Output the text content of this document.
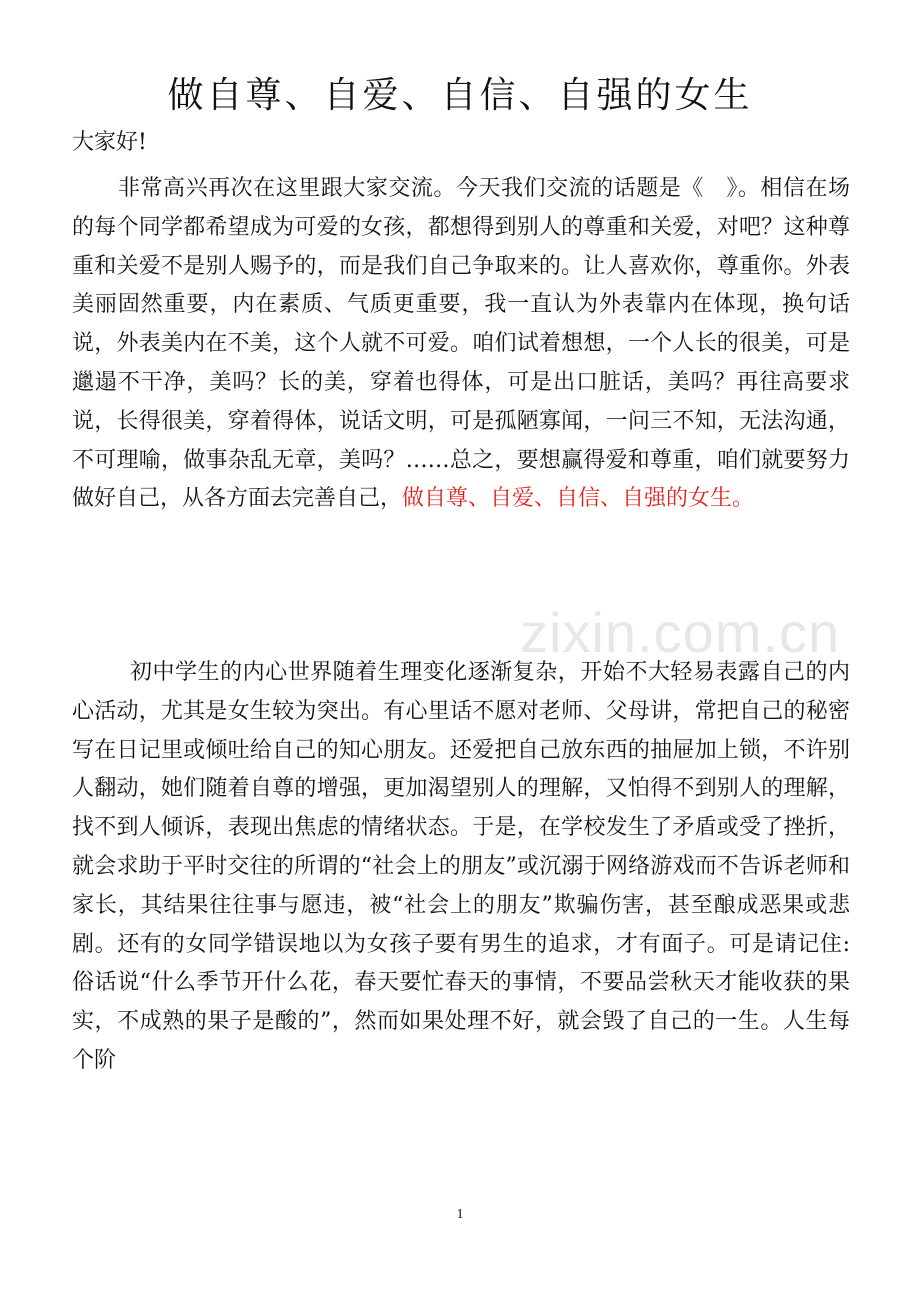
做自尊、自爱、自信、自强的女生
大家好!
非常高兴再次在这里跟大家交流。今天我们交流的话题是《　》。相信在场的每个同学都希望成为可爱的女孩，都想得到别人的尊重和关爱，对吧？这种尊重和关爱不是别人赐予的，而是我们自己争取来的。让人喜欢你，尊重你。外表美丽固然重要，内在素质、气质更重要，我一直认为外表靠内在体现，换句话说，外表美内在不美，这个人就不可爱。咱们试着想想，一个人长的很美，可是邋遢不干净，美吗？长的美，穿着也得体，可是出口脏话，美吗？再往高要求说，长得很美，穿着得体，说话文明，可是孤陋寡闻，一问三不知，无法沟通，不可理喻，做事杂乱无章，美吗？……总之，要想赢得爱和尊重，咱们就要努力做好自己，从各方面去完善自己，做自尊、自爱、自信、自强的女生。
初中学生的内心世界随着生理变化逐渐复杂，开始不大轻易表露自己的内心活动，尤其是女生较为突出。有心里话不愿对老师、父母讲，常把自己的秘密写在日记里或倾吐给自己的知心朋友。还爱把自己放东西的抽屉加上锁，不许别人翻动，她们随着自尊的增强，更加渴望别人的理解，又怕得不到别人的理解，找不到人倾诉，表现出焦虑的情绪状态。于是，在学校发生了矛盾或受了挫折，就会求助于平时交往的所谓的“社会上的朋友”或沉溺于网络游戏而不告诉老师和家长，其结果往往事与愿违，被“社会上的朋友”欺骗伤害，甚至酿成恶果或悲剧。还有的女同学错误地以为女孩子要有男生的追求，才有面子。可是请记住: 俗话说“什么季节开什么花，春天要忙春天的事情，不要品尝秋天才能收获的果实，不成熟的果子是酸的”，然而如果处理不好，就会毁了自己的一生。人生每个阶
zixin.com.cn
1
